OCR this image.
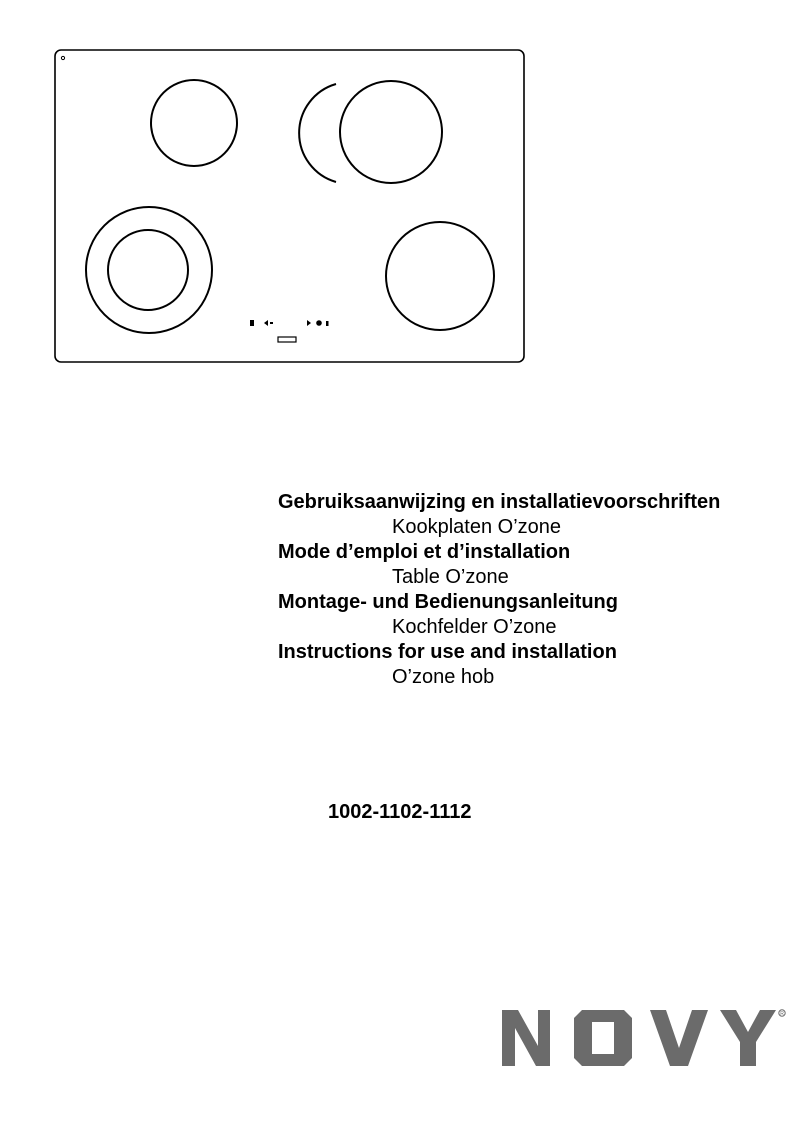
Gebruiksaanwijzing en installatievoorschriften
Kookplaten O’zone
Mode d’emploi et d’installation
Table O’zone
Montage- und Bedienungsanleitung
Kochfelder O’zone
Instructions for use and installation
O’zone hob
1002-1102-1112
R
